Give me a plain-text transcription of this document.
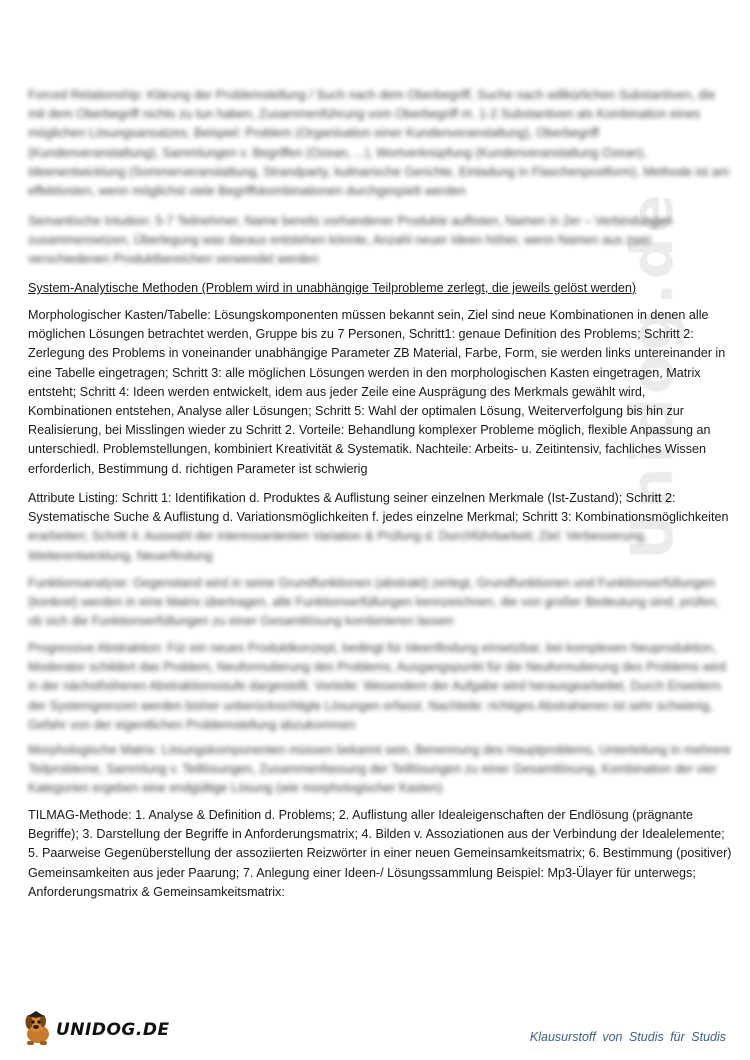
Unidog.de
Forced Relationship: Klärung der Problemstellung / Such nach dem Oberbegriff, Suche nach willkürlichen Substantiven, die mit dem Oberbegriff nichts zu tun haben, Zusammenführung vom Oberbegriff m. 1-2 Substantiven als Kombination eines möglichen Lösungsansatzes, Beispiel: Problem (Organisation einer Kundenveranstaltung), Oberbegriff (Kundenveranstaltung), Sammlungen v. Begriffen (Ozean, ...), Wortverknüpfung (Kundenveranstaltung Ozean), Ideenentwicklung (Sommerveranstaltung, Strandparty, kulinarische Gerichte, Einladung in Flaschenpostform), Methode ist am effektivsten, wenn möglichst viele Begriffskombinationen durchgespielt werden
Semantische Intuition: 5-7 Teilnehmer, Name bereits vorhandener Produkte auflisten, Namen in 2er – Verbindungen zusammensetzen, Überlegung was daraus entstehen könnte, Anzahl neuer Ideen höher, wenn Namen aus zwei verschiedenen Produktbereichen verwendet werden
System-Analytische Methoden (Problem wird in unabhängige Teilprobleme zerlegt, die jeweils gelöst werden)
Morphologischer Kasten/Tabelle: Lösungskomponenten müssen bekannt sein, Ziel sind neue Kombinationen in denen alle möglichen Lösungen betrachtet werden, Gruppe bis zu 7 Personen, Schritt1: genaue Definition des Problems; Schritt 2: Zerlegung des Problems in voneinander unabhängige Parameter ZB Material, Farbe, Form, sie werden links untereinander in eine Tabelle eingetragen; Schritt 3: alle möglichen Lösungen werden in den morphologischen Kasten eingetragen, Matrix entsteht; Schritt 4: Ideen werden entwickelt, idem aus jeder Zeile eine Ausprägung des Merkmals gewählt wird, Kombinationen entstehen, Analyse aller Lösungen; Schritt 5: Wahl der optimalen Lösung, Weiterverfolgung bis hin zur Realisierung, bei Misslingen wieder zu Schritt 2. Vorteile: Behandlung komplexer Probleme möglich, flexible Anpassung an unterschiedl. Problemstellungen, kombiniert Kreativität & Systematik. Nachteile: Arbeits- u. Zeitintensiv, fachliches Wissen erforderlich, Bestimmung d. richtigen Parameter ist schwierig
Attribute Listing: Schritt 1: Identifikation d. Produktes & Auflistung seiner einzelnen Merkmale (Ist-Zustand); Schritt 2: Systematische Suche & Auflistung d. Variationsmöglichkeiten f. jedes einzelne Merkmal; Schritt 3: Kombinationsmöglichkeiten
erarbeiten; Schritt 4: Auswahl der interessantesten Variation & Prüfung d. Durchführbarkeit; Ziel: Verbesserung, Weiterentwicklung, Neuerfindung
Funktionsanalyse: Gegenstand wird in seine Grundfunktionen (abstrakt) zerlegt, Grundfunktionen und Funktionserfüllungen (konkret) werden in eine Matrix übertragen, alle Funktionserfüllungen kennzeichnen, die von großer Bedeutung sind, prüfen, ob sich die Funktionserfüllungen zu einer Gesamtlösung kombinieren lassen
Progressive Abstraktion: Für ein neues Produktkonzept, bedingt für Ideenfindung einsetzbar, bei komplexen Neuproduktion, Moderator schildert das Problem, Neuformulierung des Problems, Ausgangspunkt für die Neuformulierung des Problems wird in der nächsthöheren Abstraktionsstufe dargestellt. Vorteile: Wesendern der Aufgabe wird herausgearbeitet, Durch Erweitern der Systemgrenzen werden bisher unberücksichtigte Lösungen erfasst. Nachteile: richtiges Abstrahieren ist sehr schwierig, Gefahr von der eigentlichen Problemstellung abzukommen
Morphologische Matrix: Lösungskomponenten müssen bekannt sein, Benennung des Hauptproblems, Unterteilung in mehrere Teilprobleme, Sammlung v. Teillösungen, Zusammenfassung der Teillösungen zu einer Gesamtlösung, Kombination der vier Kategorien ergeben eine endgültige Lösung (wie morphologischer Kasten)
TILMAG-Methode: 1. Analyse & Definition d. Problems; 2. Auflistung aller Idealeigenschaften der Endlösung (prägnante Begriffe); 3. Darstellung der Begriffe in Anforderungsmatrix; 4. Bilden v. Assoziationen aus der Verbindung der Idealelemente; 5. Paarweise Gegenüberstellung der assoziierten Reizwörter in einer neuen Gemeinsamkeitsmatrix; 6. Bestimmung (positiver) Gemeinsamkeiten aus jeder Paarung; 7. Anlegung einer Ideen-/ Lösungssammlung Beispiel: Mp3-Ülayer für unterwegs; Anforderungsmatrix & Gemeinsamkeitsmatrix:
UNIDOG.DE	Klausurstoff von Studis für Studis
